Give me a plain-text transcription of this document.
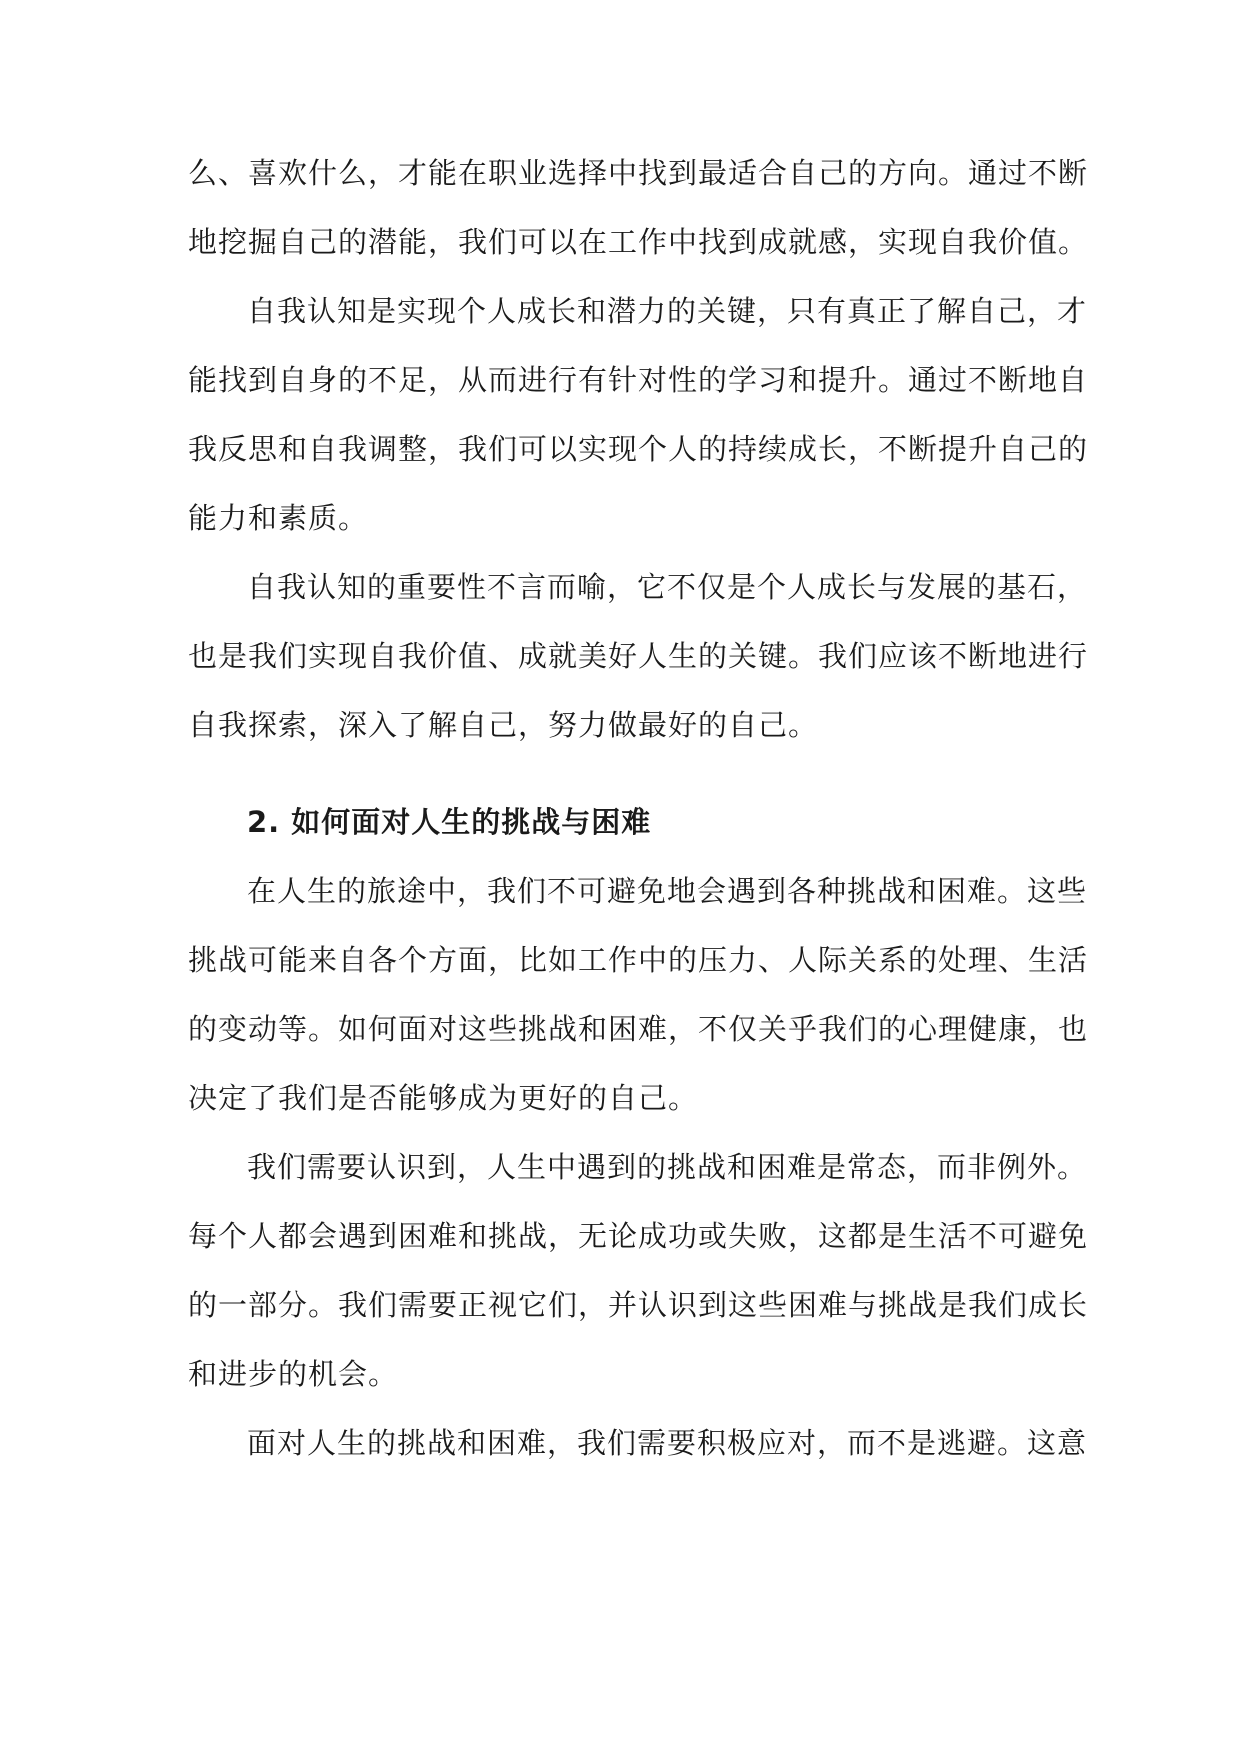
么、喜欢什么，才能在职业选择中找到最适合自己的方向。通过不断
地挖掘自己的潜能，我们可以在工作中找到成就感，实现自我价值。
自我认知是实现个人成长和潜力的关键，只有真正了解自己，才
能找到自身的不足，从而进行有针对性的学习和提升。通过不断地自
我反思和自我调整，我们可以实现个人的持续成长，不断提升自己的
能力和素质。
自我认知的重要性不言而喻，它不仅是个人成长与发展的基石，
也是我们实现自我价值、成就美好人生的关键。我们应该不断地进行
自我探索，深入了解自己，努力做最好的自己。
2. 如何面对人生的挑战与困难
在人生的旅途中，我们不可避免地会遇到各种挑战和困难。这些
挑战可能来自各个方面，比如工作中的压力、人际关系的处理、生活
的变动等。如何面对这些挑战和困难，不仅关乎我们的心理健康，也
决定了我们是否能够成为更好的自己。
我们需要认识到，人生中遇到的挑战和困难是常态，而非例外。
每个人都会遇到困难和挑战，无论成功或失败，这都是生活不可避免
的一部分。我们需要正视它们，并认识到这些困难与挑战是我们成长
和进步的机会。
面对人生的挑战和困难，我们需要积极应对，而不是逃避。这意
